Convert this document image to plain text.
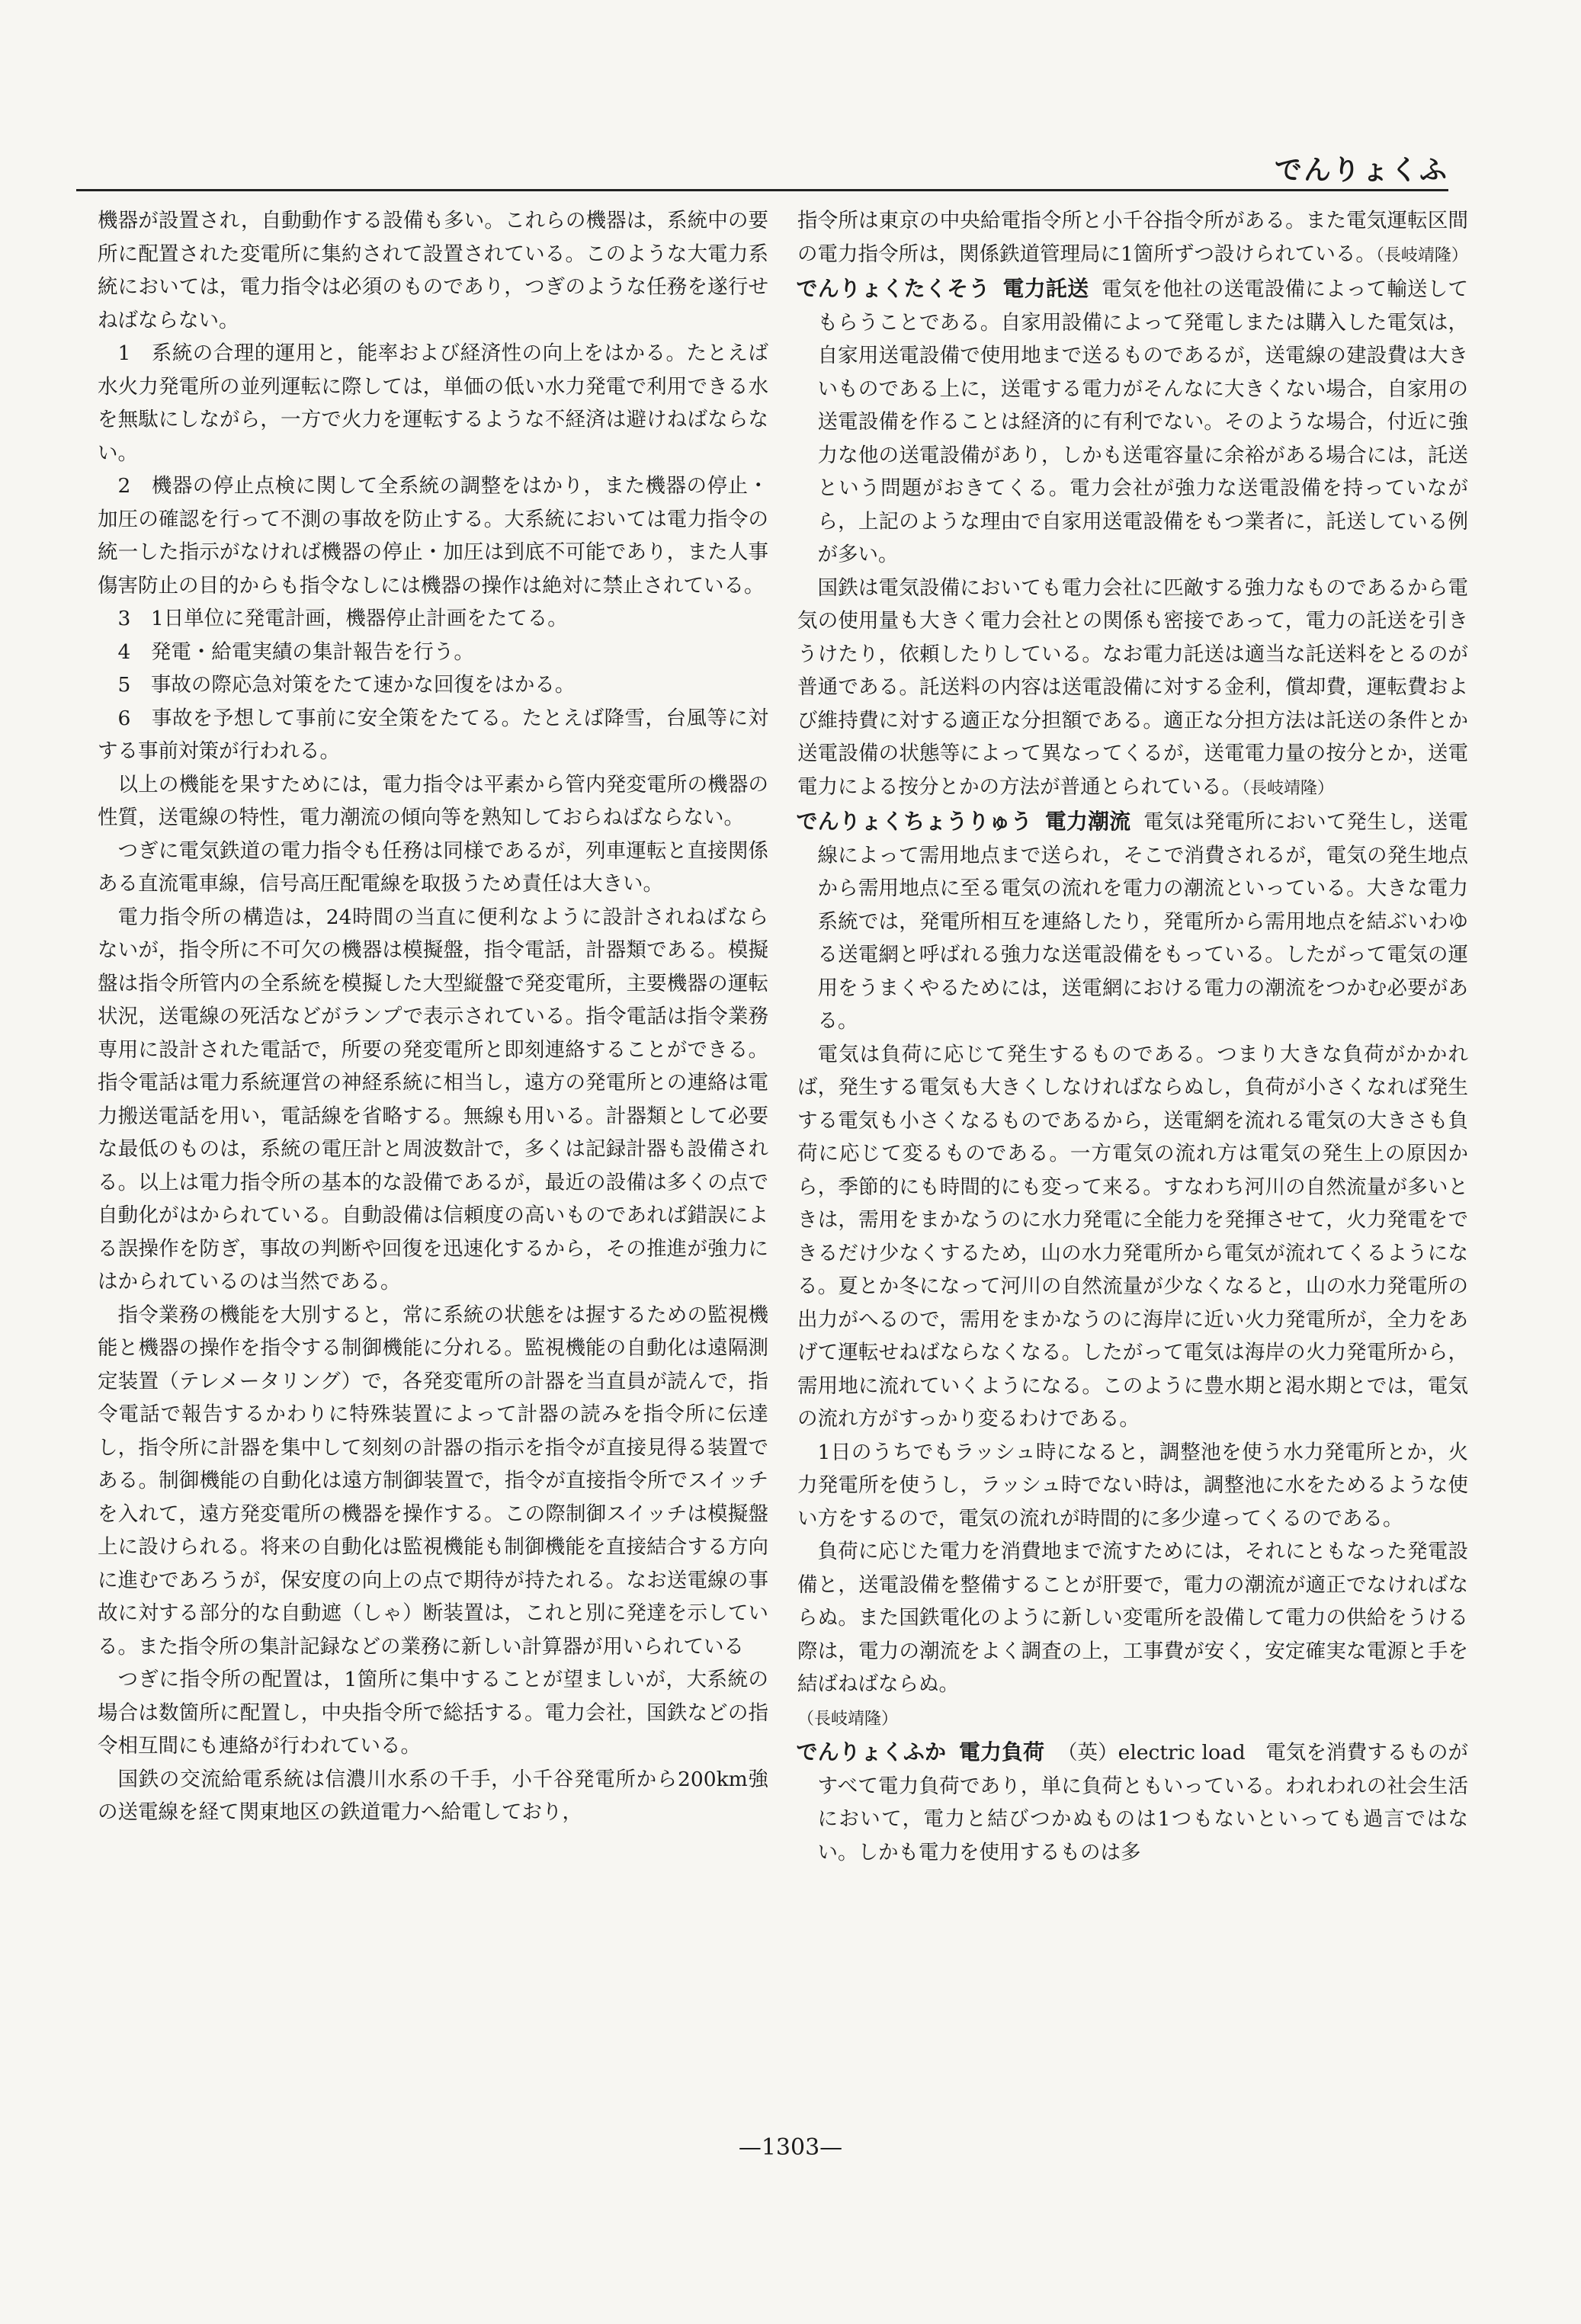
でんりょくふ

機器が設置され，自動動作する設備も多い。これらの機器は，系統中の要所に配置された変電所に集約されて設置されている。このような大電力系統においては，電力指令は必須のものであり，つぎのような任務を遂行せねばならない。

1　系統の合理的運用と，能率および経済性の向上をはかる。たとえば水火力発電所の並列運転に際しては，単価の低い水力発電で利用できる水を無駄にしながら，一方で火力を運転するような不経済は避けねばならない。

2　機器の停止点検に関して全系統の調整をはかり，また機器の停止・加圧の確認を行って不測の事故を防止する。大系統においては電力指令の統一した指示がなければ機器の停止・加圧は到底不可能であり，また人事傷害防止の目的からも指令なしには機器の操作は絶対に禁止されている。

3　1日単位に発電計画，機器停止計画をたてる。

4　発電・給電実績の集計報告を行う。

5　事故の際応急対策をたて速かな回復をはかる。

6　事故を予想して事前に安全策をたてる。たとえば降雪，台風等に対する事前対策が行われる。

以上の機能を果すためには，電力指令は平素から管内発変電所の機器の性質，送電線の特性，電力潮流の傾向等を熟知しておらねばならない。

つぎに電気鉄道の電力指令も任務は同様であるが，列車運転と直接関係ある直流電車線，信号高圧配電線を取扱うため責任は大きい。

電力指令所の構造は，24時間の当直に便利なように設計されねばならないが，指令所に不可欠の機器は模擬盤，指令電話，計器類である。模擬盤は指令所管内の全系統を模擬した大型縦盤で発変電所，主要機器の運転状況，送電線の死活などがランプで表示されている。指令電話は指令業務専用に設計された電話で，所要の発変電所と即刻連絡することができる。指令電話は電力系統運営の神経系統に相当し，遠方の発電所との連絡は電力搬送電話を用い，電話線を省略する。無線も用いる。計器類として必要な最低のものは，系統の電圧計と周波数計で，多くは記録計器も設備される。以上は電力指令所の基本的な設備であるが，最近の設備は多くの点で自動化がはかられている。自動設備は信頼度の高いものであれば錯誤による誤操作を防ぎ，事故の判断や回復を迅速化するから，その推進が強力にはかられているのは当然である。

指令業務の機能を大別すると，常に系統の状態をは握するための監視機能と機器の操作を指令する制御機能に分れる。監視機能の自動化は遠隔測定装置（テレメータリング）で，各発変電所の計器を当直員が読んで，指令電話で報告するかわりに特殊装置によって計器の読みを指令所に伝達し，指令所に計器を集中して刻刻の計器の指示を指令が直接見得る装置である。制御機能の自動化は遠方制御装置で，指令が直接指令所でスイッチを入れて，遠方発変電所の機器を操作する。この際制御スイッチは模擬盤上に設けられる。将来の自動化は監視機能も制御機能を直接結合する方向に進むであろうが，保安度の向上の点で期待が持たれる。なお送電線の事故に対する部分的な自動遮（しゃ）断装置は，これと別に発達を示している。また指令所の集計記録などの業務に新しい計算器が用いられている

つぎに指令所の配置は，1箇所に集中することが望ましいが，大系統の場合は数箇所に配置し，中央指令所で総括する。電力会社，国鉄などの指令相互間にも連絡が行われている。

国鉄の交流給電系統は信濃川水系の千手，小千谷発電所から200km強の送電線を経て関東地区の鉄道電力へ給電しており，

指令所は東京の中央給電指令所と小千谷指令所がある。また電気運転区間の電力指令所は，関係鉄道管理局に1箇所ずつ設けられている。（長岐靖隆）

でんりょくたくそう 電力託送 電気を他社の送電設備によって輸送してもらうことである。自家用設備によって発電しまたは購入した電気は，自家用送電設備で使用地まで送るものであるが，送電線の建設費は大きいものである上に，送電する電力がそんなに大きくない場合，自家用の送電設備を作ることは経済的に有利でない。そのような場合，付近に強力な他の送電設備があり，しかも送電容量に余裕がある場合には，託送という問題がおきてくる。電力会社が強力な送電設備を持っていながら，上記のような理由で自家用送電設備をもつ業者に，託送している例が多い。

国鉄は電気設備においても電力会社に匹敵する強力なものであるから電気の使用量も大きく電力会社との関係も密接であって，電力の託送を引きうけたり，依頼したりしている。なお電力託送は適当な託送料をとるのが普通である。託送料の内容は送電設備に対する金利，償却費，運転費および維持費に対する適正な分担額である。適正な分担方法は託送の条件とか送電設備の状態等によって異なってくるが，送電電力量の按分とか，送電電力による按分とかの方法が普通とられている。（長岐靖隆）

でんりょくちょうりゅう 電力潮流 電気は発電所において発生し，送電線によって需用地点まで送られ，そこで消費されるが，電気の発生地点から需用地点に至る電気の流れを電力の潮流といっている。大きな電力系統では，発電所相互を連絡したり，発電所から需用地点を結ぶいわゆる送電網と呼ばれる強力な送電設備をもっている。したがって電気の運用をうまくやるためには，送電網における電力の潮流をつかむ必要がある。

電気は負荷に応じて発生するものである。つまり大きな負荷がかかれば，発生する電気も大きくしなければならぬし，負荷が小さくなれば発生する電気も小さくなるものであるから，送電網を流れる電気の大きさも負荷に応じて変るものである。一方電気の流れ方は電気の発生上の原因から，季節的にも時間的にも変って来る。すなわち河川の自然流量が多いときは，需用をまかなうのに水力発電に全能力を発揮させて，火力発電をできるだけ少なくするため，山の水力発電所から電気が流れてくるようになる。夏とか冬になって河川の自然流量が少なくなると，山の水力発電所の出力がへるので，需用をまかなうのに海岸に近い火力発電所が，全力をあげて運転せねばならなくなる。したがって電気は海岸の火力発電所から，需用地に流れていくようになる。このように豊水期と渇水期とでは，電気の流れ方がすっかり変るわけである。

1日のうちでもラッシュ時になると，調整池を使う水力発電所とか，火力発電所を使うし，ラッシュ時でない時は，調整池に水をためるような使い方をするので，電気の流れが時間的に多少違ってくるのである。

負荷に応じた電力を消費地まで流すためには，それにともなった発電設備と，送電設備を整備することが肝要で，電力の潮流が適正でなければならぬ。また国鉄電化のように新しい変電所を設備して電力の供給をうける際は，電力の潮流をよく調査の上，工事費が安く，安定確実な電源と手を結ばねばならぬ。

（長岐靖隆）

でんりょくふか 電力負荷 （英）electric load　電気を消費するものがすべて電力負荷であり，単に負荷ともいっている。われわれの社会生活において，電力と結びつかぬものは1つもないといっても過言ではない。しかも電力を使用するものは多

—1303—
